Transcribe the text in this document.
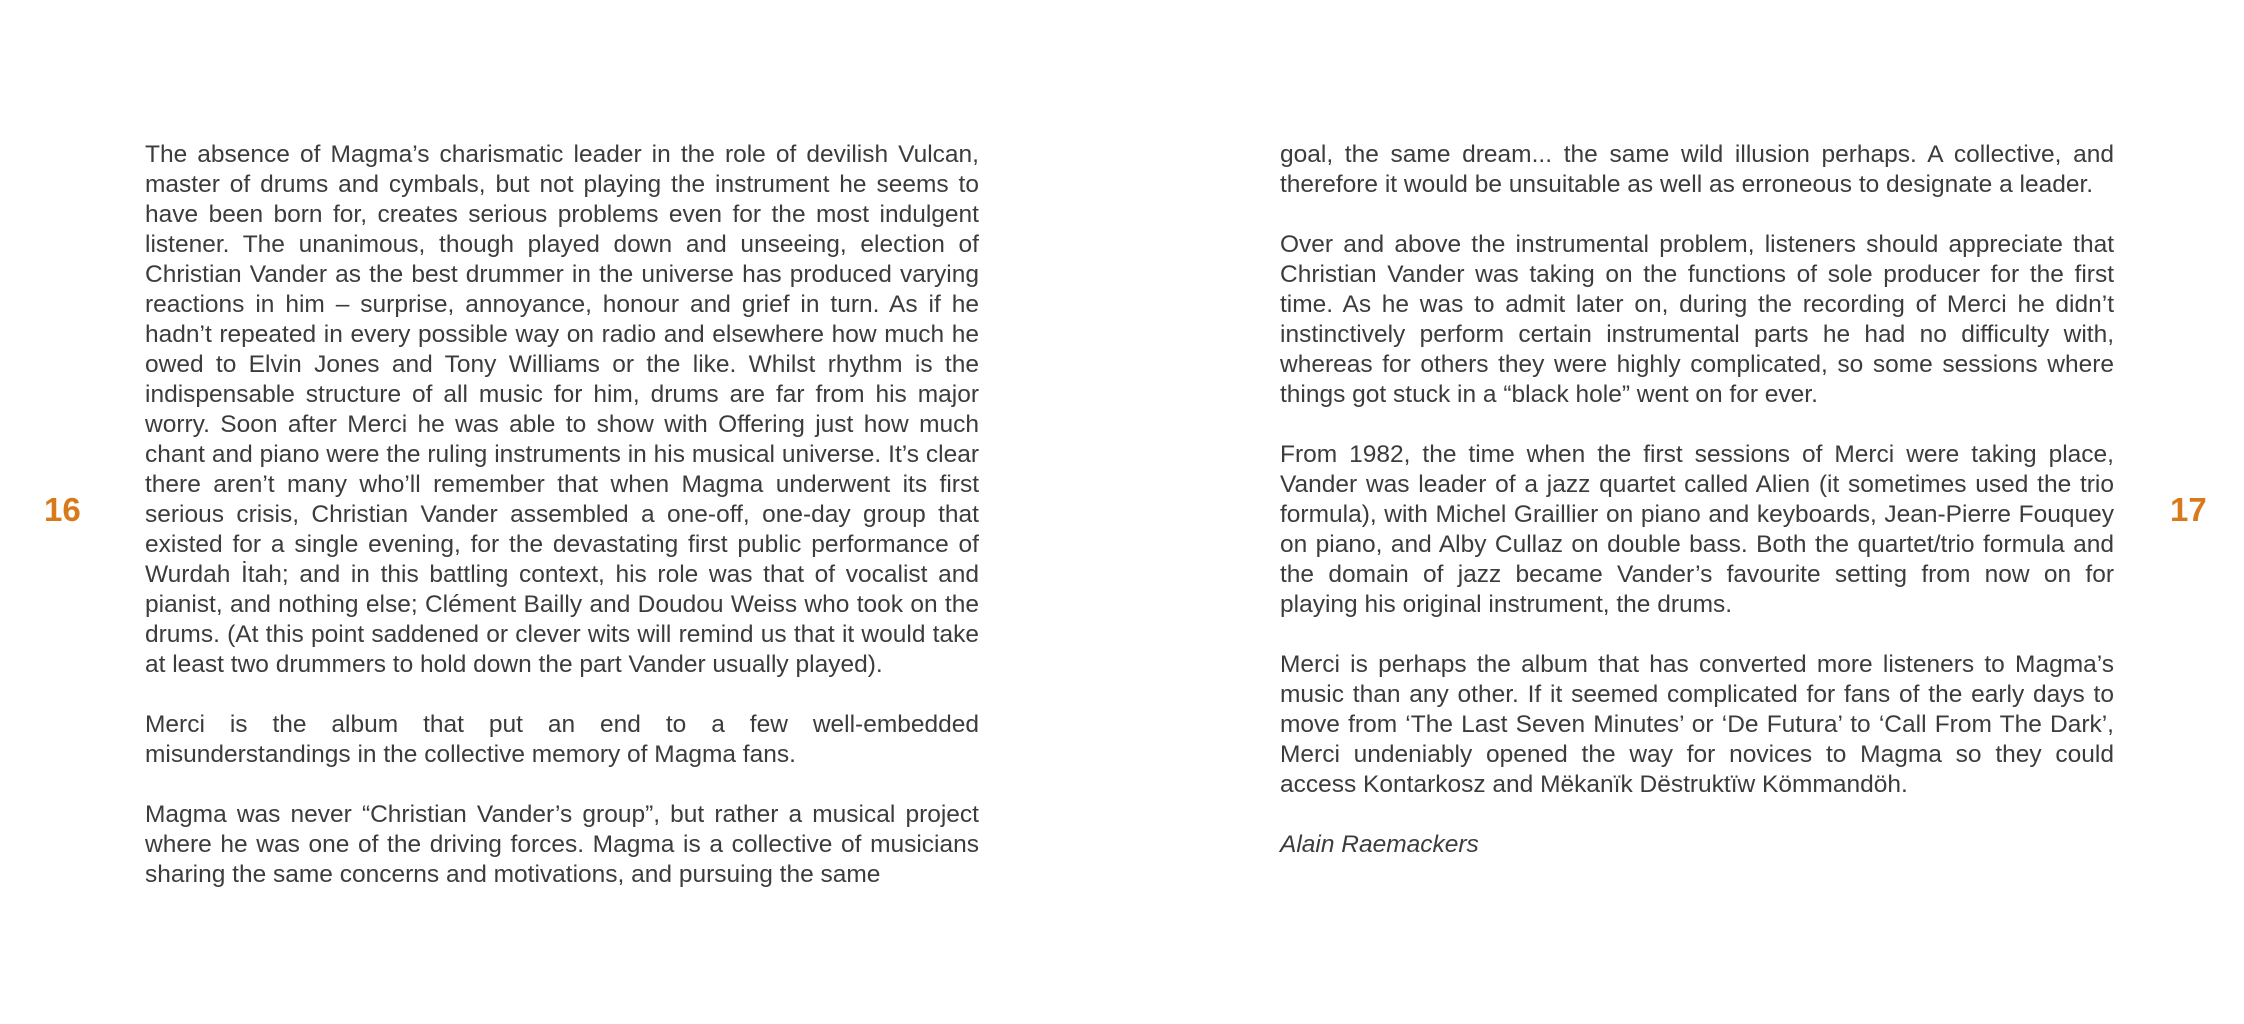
16	17

The absence of Magma’s charismatic leader in the role of devilish Vulcan, master of drums and cymbals, but not playing the instrument he seems to have been born for, creates serious problems even for the most indulgent listener. The unanimous, though played down and unseeing, election of Christian Vander as the best drummer in the universe has produced varying reactions in him – surprise, annoyance, honour and grief in turn. As if he hadn’t repeated in every possible way on radio and elsewhere how much he owed to Elvin Jones and Tony Williams or the like. Whilst rhythm is the indispensable structure of all music for him, drums are far from his major worry. Soon after Merci he was able to show with Offering just how much chant and piano were the ruling instruments in his musical universe. It’s clear there aren’t many who’ll remember that when Magma underwent its first serious crisis, Christian Vander assembled a one-off, one-day group that existed for a single evening, for the devastating first public performance of Wurdah İtah; and in this battling context, his role was that of vocalist and pianist, and nothing else; Clément Bailly and Doudou Weiss who took on the drums. (At this point saddened or clever wits will remind us that it would take at least two drummers to hold down the part Vander usually played).

Merci is the album that put an end to a few well-embedded misunderstandings in the collective memory of Magma fans.

Magma was never “Christian Vander’s group”, but rather a musical project where he was one of the driving forces. Magma is a collective of musicians sharing the same concerns and motivations, and pursuing the same

goal, the same dream... the same wild illusion perhaps. A collective, and therefore it would be unsuitable as well as erroneous to designate a leader.

Over and above the instrumental problem, listeners should appreciate that Christian Vander was taking on the functions of sole producer for the first time. As he was to admit later on, during the recording of Merci he didn’t instinctively perform certain instrumental parts he had no difficulty with, whereas for others they were highly complicated, so some sessions where things got stuck in a “black hole” went on for ever.

From 1982, the time when the first sessions of Merci were taking place, Vander was leader of a jazz quartet called Alien (it sometimes used the trio formula), with Michel Graillier on piano and keyboards, Jean-Pierre Fouquey on piano, and Alby Cullaz on double bass. Both the quartet/trio formula and the domain of jazz became Vander’s favourite setting from now on for playing his original instrument, the drums.

Merci is perhaps the album that has converted more listeners to Magma’s music than any other. If it seemed complicated for fans of the early days to move from ‘The Last Seven Minutes’ or ‘De Futura’ to ‘Call From The Dark’, Merci undeniably opened the way for novices to Magma so they could access Kontarkosz and Mëkanïk Dëstruktïw Kömmandöh.

Alain Raemackers
